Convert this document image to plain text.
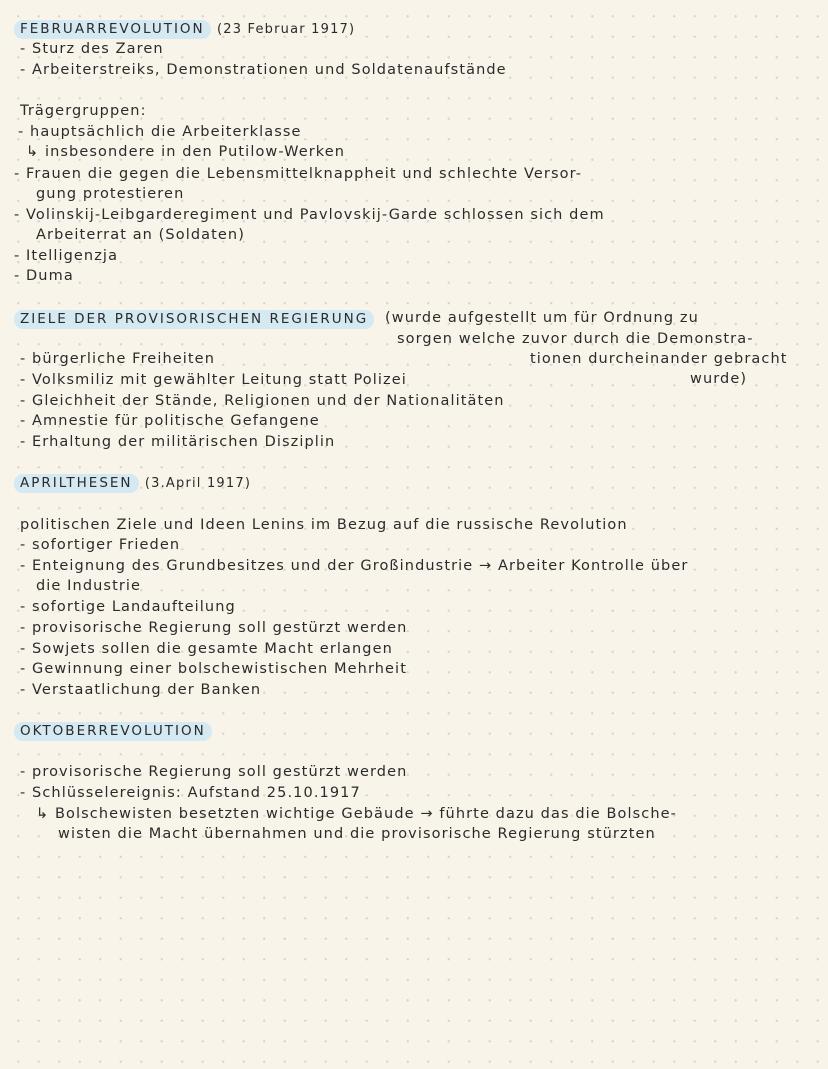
FEBRUARREVOLUTION (23 Februar 1917)
- Sturz des Zaren
- Arbeiterstreiks, Demonstrationen und Soldatenaufstände
Trägergruppen:
- hauptsächlich die Arbeiterklasse
↳ insbesondere in den Putilow-Werken
- Frauen die gegen die Lebensmittelknappheit und schlechte Versor-
gung protestieren
- Volinskij-Leibgarderegiment und Pavlovskij-Garde schlossen sich dem
Arbeiterrat an (Soldaten)
- Itelligenzja
- Duma
ZIELE DER PROVISORISCHEN REGIERUNG	(wurde aufgestellt um für Ordnung zu
sorgen welche zuvor durch die Demonstra-
tionen durcheinander gebracht
wurde)
- bürgerliche Freiheiten
- Volksmiliz mit gewählter Leitung statt Polizei
- Gleichheit der Stände, Religionen und der Nationalitäten
- Amnestie für politische Gefangene
- Erhaltung der militärischen Disziplin
APRILTHESEN (3.April 1917)
politischen Ziele und Ideen Lenins im Bezug auf die russische Revolution
- sofortiger Frieden
- Enteignung des Grundbesitzes und der Großindustrie → Arbeiter Kontrolle über
die Industrie
- sofortige Landaufteilung
- provisorische Regierung soll gestürzt werden
- Sowjets sollen die gesamte Macht erlangen
- Gewinnung einer bolschewistischen Mehrheit
- Verstaatlichung der Banken
OKTOBERREVOLUTION
- provisorische Regierung soll gestürzt werden
- Schlüsselereignis: Aufstand 25.10.1917
↳ Bolschewisten besetzten wichtige Gebäude → führte dazu das die Bolsche-
wisten die Macht übernahmen und die provisorische Regierung stürzten
